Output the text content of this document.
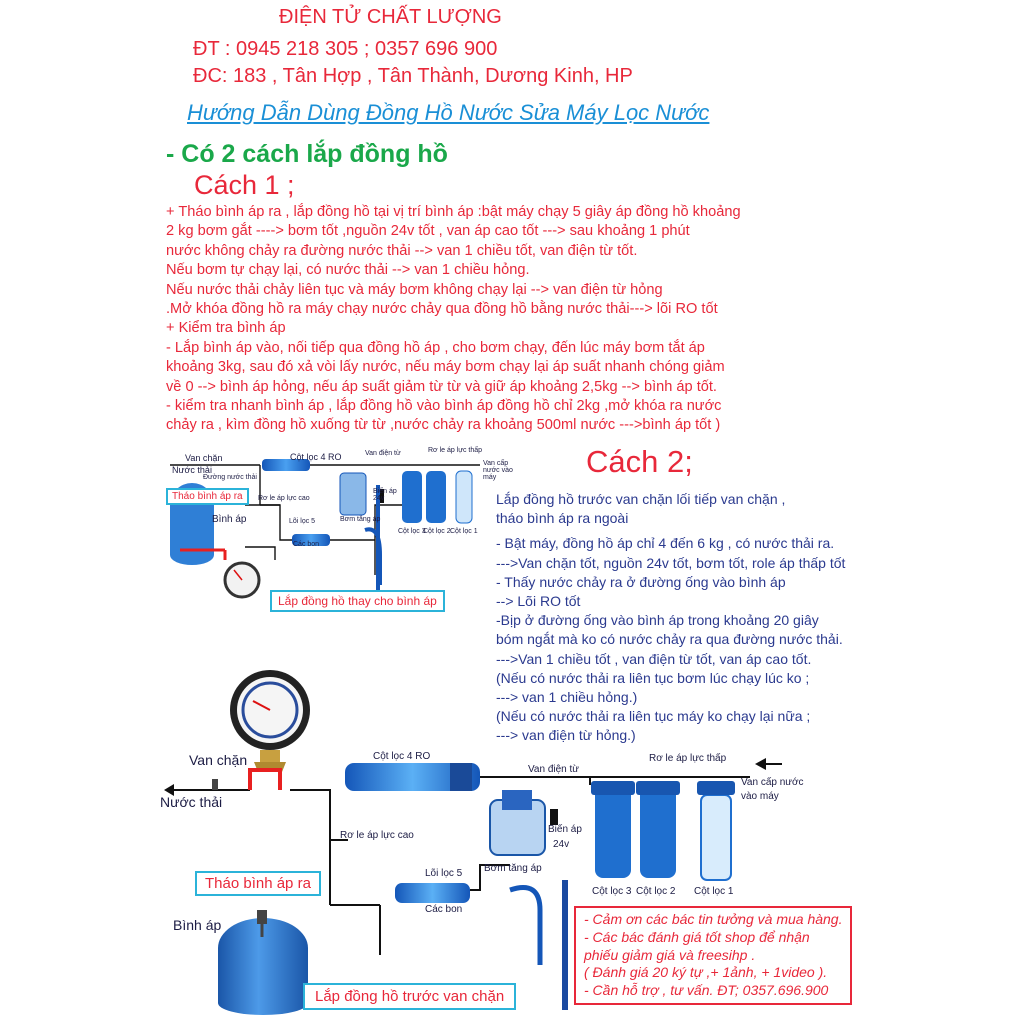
ĐIỆN TỬ CHẤT LƯỢNG
ĐT : 0945 218 305 ; 0357 696 900
ĐC: 183 , Tân Hợp , Tân Thành, Dương Kinh, HP
Hướng Dẫn Dùng Đồng Hồ Nước Sửa Máy Lọc Nước
- Có 2 cách lắp đồng hồ
Cách 1 ;
+ Tháo bình áp ra , lắp đồng hồ tại vị trí bình áp :bật máy chạy 5 giây áp đồng hồ khoảng
2 kg bơm gắt ----> bơm tốt ,nguồn 24v tốt , van áp cao tốt ---> sau khoảng 1 phút
nước không chảy ra đường nước thải --> van 1 chiều tốt, van điện từ tốt.
Nếu bơm tự chạy lại, có nước thải --> van 1 chiều hỏng.
Nếu nước thải chảy liên tục và máy bơm không chạy lại --> van điện từ hỏng
.Mở khóa đồng hồ ra máy chạy nước chảy qua đồng hồ bằng nước thải---> lõi RO tốt
+ Kiểm tra bình áp
- Lắp bình áp vào, nối tiếp qua đồng hồ áp , cho bơm chạy, đến lúc máy bơm tắt áp
khoảng 3kg, sau đó xả vòi lấy nước, nếu máy bơm chạy lại áp suất nhanh chóng giảm
về 0 --> bình áp hỏng, nếu áp suất giảm từ từ và giữ áp khoảng 2,5kg --> bình áp tốt.
- kiểm tra nhanh bình áp , lắp đồng hồ vào bình áp đồng hồ chỉ 2kg ,mở khóa ra nước
chảy ra , kìm đồng hồ xuống từ từ ,nước chảy ra khoảng 500ml nước --->bình áp tốt )
Cách 2;
Lắp đồng hồ trước van chặn lối tiếp van chặn ,
tháo bình áp ra ngoài
- Bật máy, đồng hồ áp chỉ 4 đến 6 kg , có nước thải ra.
--->Van chặn tốt, nguồn 24v tốt, bơm tốt, role áp thấp tốt
- Thấy nước chảy ra ở đường ống vào bình áp
--> Lõi RO tốt
-Bịp ở đường ống vào bình áp trong khoảng 20 giây
bóm ngắt mà ko có nước chảy ra qua đường nước thải.
--->Van 1 chiều tốt , van điện từ tốt, van áp cao tốt.
(Nếu có nước thải ra liên tục bơm lúc chạy lúc ko ;
---> van 1 chiều hỏng.)
(Nếu có nước thải ra liên tục máy ko chạy lại nữa ;
---> van điện từ hỏng.)
Van chặn
Nước thải
Đường nước thải
Cột lọc 4 RO	Van điện từ	Rơ le áp lực thấp
Van cấp nước vào máy
Rơ le áp lực cao
Biến áp 24v
Bơm tăng áp
Lõi lọc 5
Các bon
Cột lọc 3
Cột lọc 2 Cột lọc 1
Bình áp
Tháo bình áp ra
Lắp đồng hồ thay cho bình áp
Van chặn
Nước thải
Cột lọc 4 RO
Van điện từ
Rơ le áp lực thấp
Van cấp nước
vào máy
Rơ le áp lực cao
Biến áp
24v
Bơm tăng áp
Lõi lọc 5
Các bon
Cột lọc 3 Cột lọc 2 Cột lọc 1
Bình áp
Tháo bình áp ra
Lắp đồng hồ trước van chặn
- Cảm ơn các bác tin tưởng và mua hàng.
- Các bác đánh giá tốt shop để nhận
phiếu giảm giá và freesihp .
( Đánh giá 20 ký tự ,+ 1ảnh, + 1video ).
- Cần hỗ trợ , tư vấn. ĐT; 0357.696.900
